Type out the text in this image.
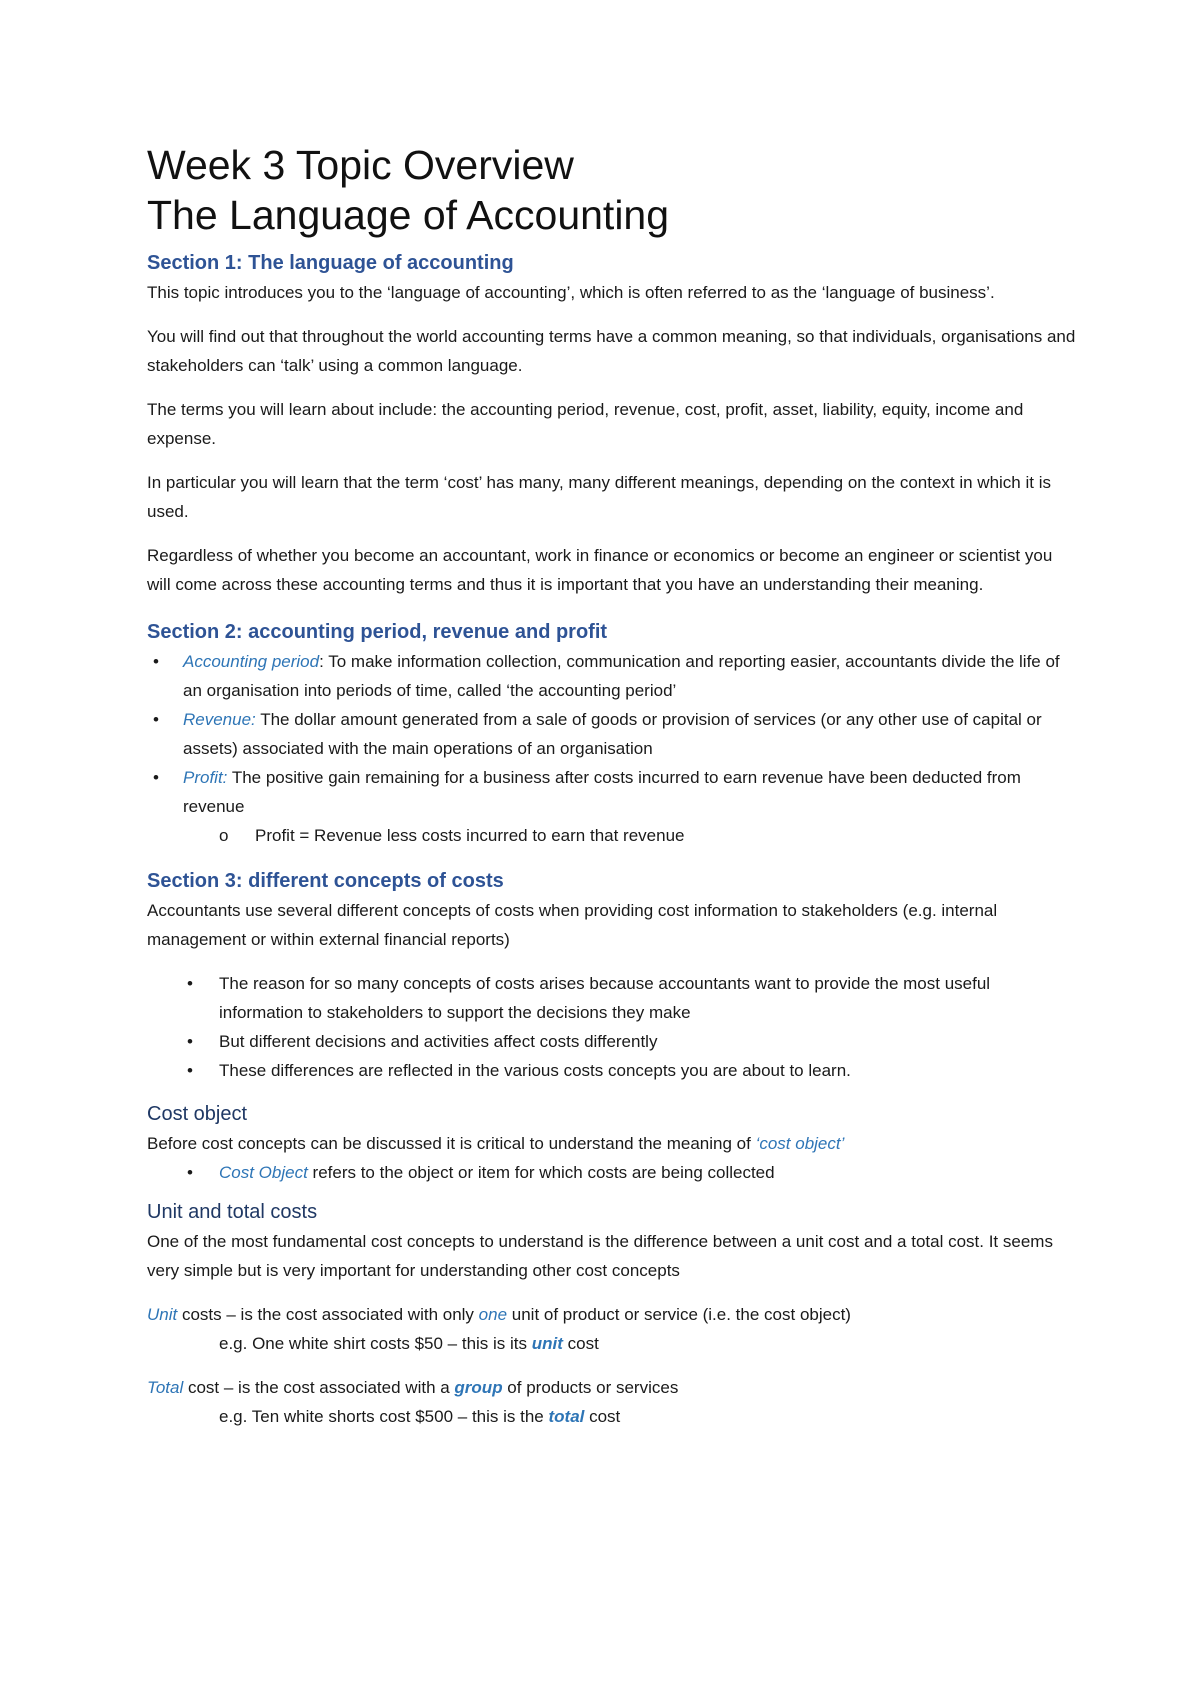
Week 3 Topic Overview
The Language of Accounting
Section 1: The language of accounting

This topic introduces you to the ‘language of accounting’, which is often referred to as the ‘language of business’.

You will find out that throughout the world accounting terms have a common meaning, so that individuals, organisations and stakeholders can ‘talk’ using a common language.

The terms you will learn about include: the accounting period, revenue, cost, profit, asset, liability, equity, income and expense.

In particular you will learn that the term ‘cost’ has many, many different meanings, depending on the context in which it is used.

Regardless of whether you become an accountant, work in finance or economics or become an engineer or scientist you will come across these accounting terms and thus it is important that you have an understanding their meaning.

Section 2: accounting period, revenue and profit
• Accounting period: To make information collection, communication and reporting easier, accountants divide the life of an organisation into periods of time, called ‘the accounting period’
• Revenue: The dollar amount generated from a sale of goods or provision of services (or any other use of capital or assets) associated with the main operations of an organisation
• Profit: The positive gain remaining for a business after costs incurred to earn revenue have been deducted from revenue
o Profit = Revenue less costs incurred to earn that revenue
Section 3: different concepts of costs

Accountants use several different concepts of costs when providing cost information to stakeholders (e.g. internal management or within external financial reports)

• The reason for so many concepts of costs arises because accountants want to provide the most useful information to stakeholders to support the decisions they make
• But different decisions and activities affect costs differently
• These differences are reflected in the various costs concepts you are about to learn.
Cost object

Before cost concepts can be discussed it is critical to understand the meaning of ‘cost object’

• Cost Object refers to the object or item for which costs are being collected
Unit and total costs

One of the most fundamental cost concepts to understand is the difference between a unit cost and a total cost. It seems very simple but is very important for understanding other cost concepts

Unit costs – is the cost associated with only one unit of product or service (i.e. the cost object)

e.g. One white shirt costs $50 – this is its unit cost

Total cost – is the cost associated with a group of products or services

e.g. Ten white shorts cost $500 – this is the total cost
